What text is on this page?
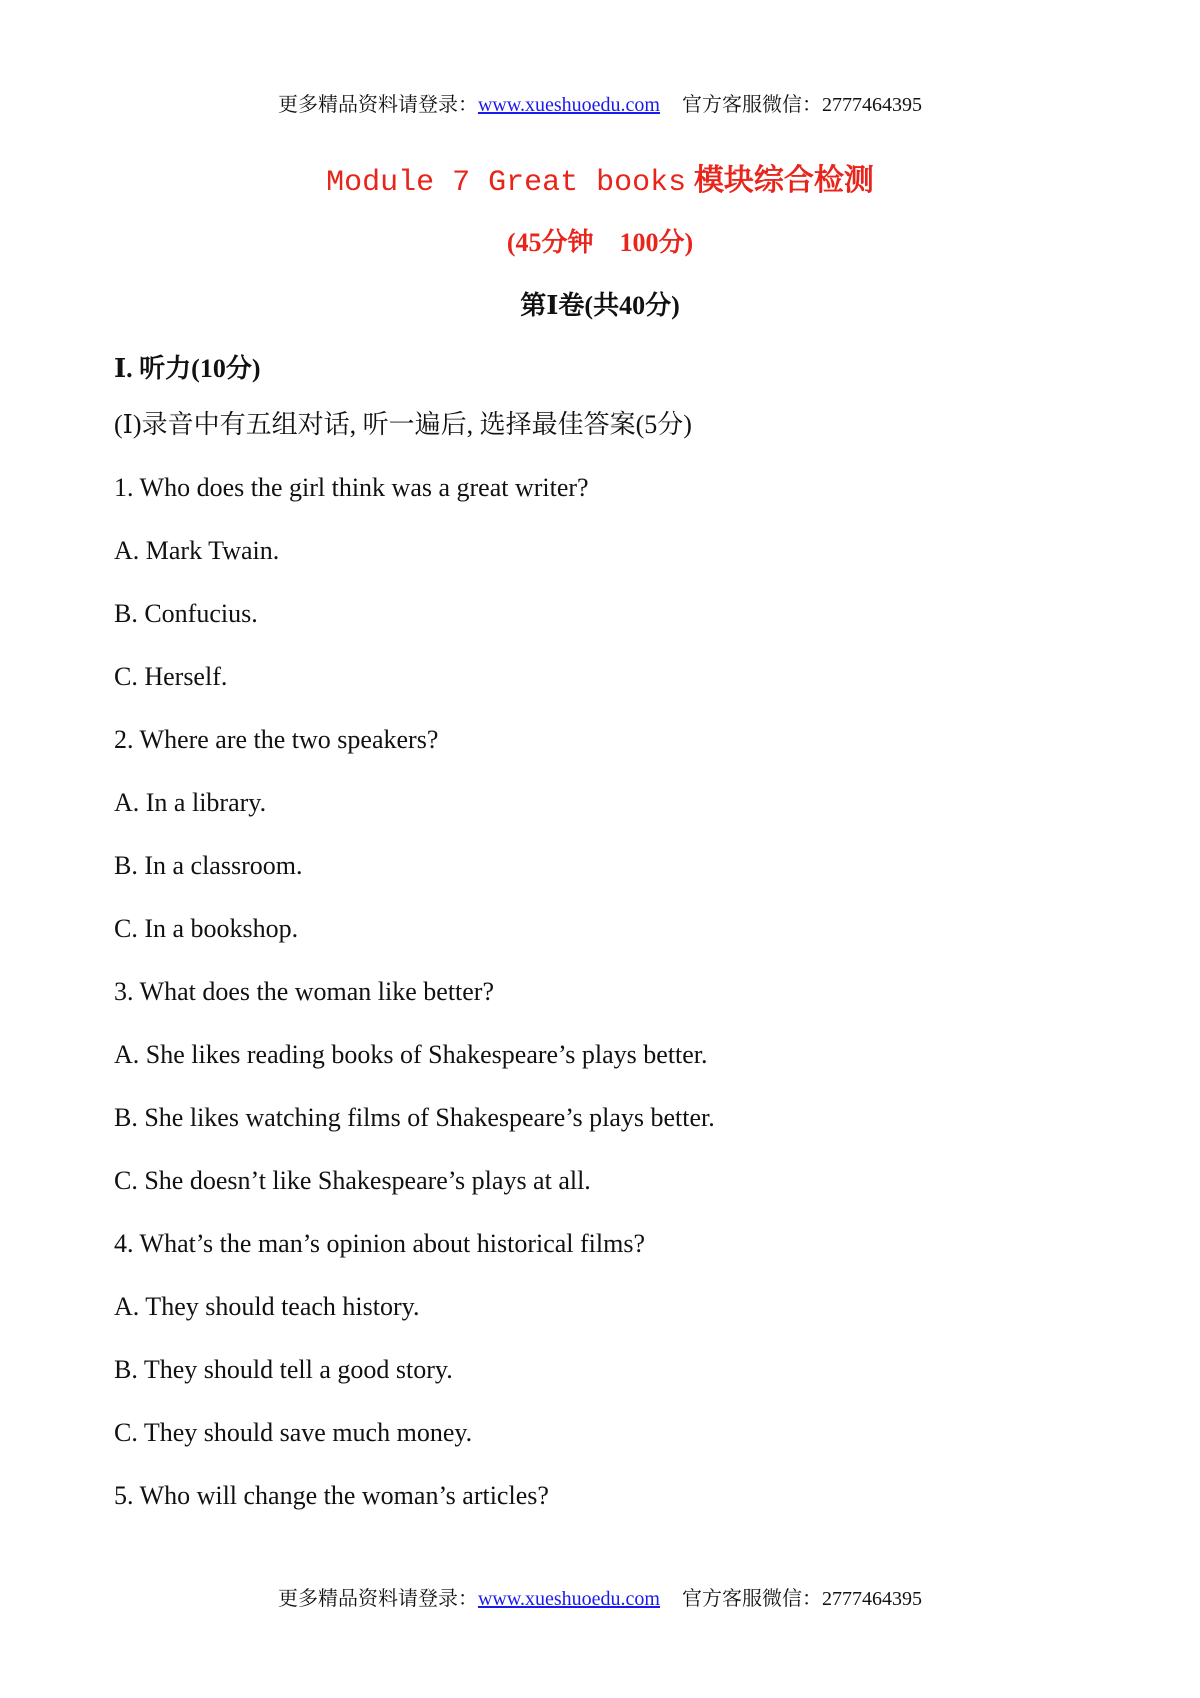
更多精品资料请登录：www.xueshuoedu.com 官方客服微信：2777464395
Module 7 Great books 模块综合检测
(45分钟　100分)
第Ⅰ卷(共40分)
Ⅰ. 听力(10分)
(Ⅰ)录音中有五组对话, 听一遍后, 选择最佳答案(5分)
1. Who does the girl think was a great writer?
A. Mark Twain.
B. Confucius.
C. Herself.
2. Where are the two speakers?
A. In a library.
B. In a classroom.
C. In a bookshop.
3. What does the woman like better?
A. She likes reading books of Shakespeare’s plays better.
B. She likes watching films of Shakespeare’s plays better.
C. She doesn’t like Shakespeare’s plays at all.
4. What’s the man’s opinion about historical films?
A. They should teach history.
B. They should tell a good story.
C. They should save much money.
5. Who will change the woman’s articles?
更多精品资料请登录：www.xueshuoedu.com 官方客服微信：2777464395
